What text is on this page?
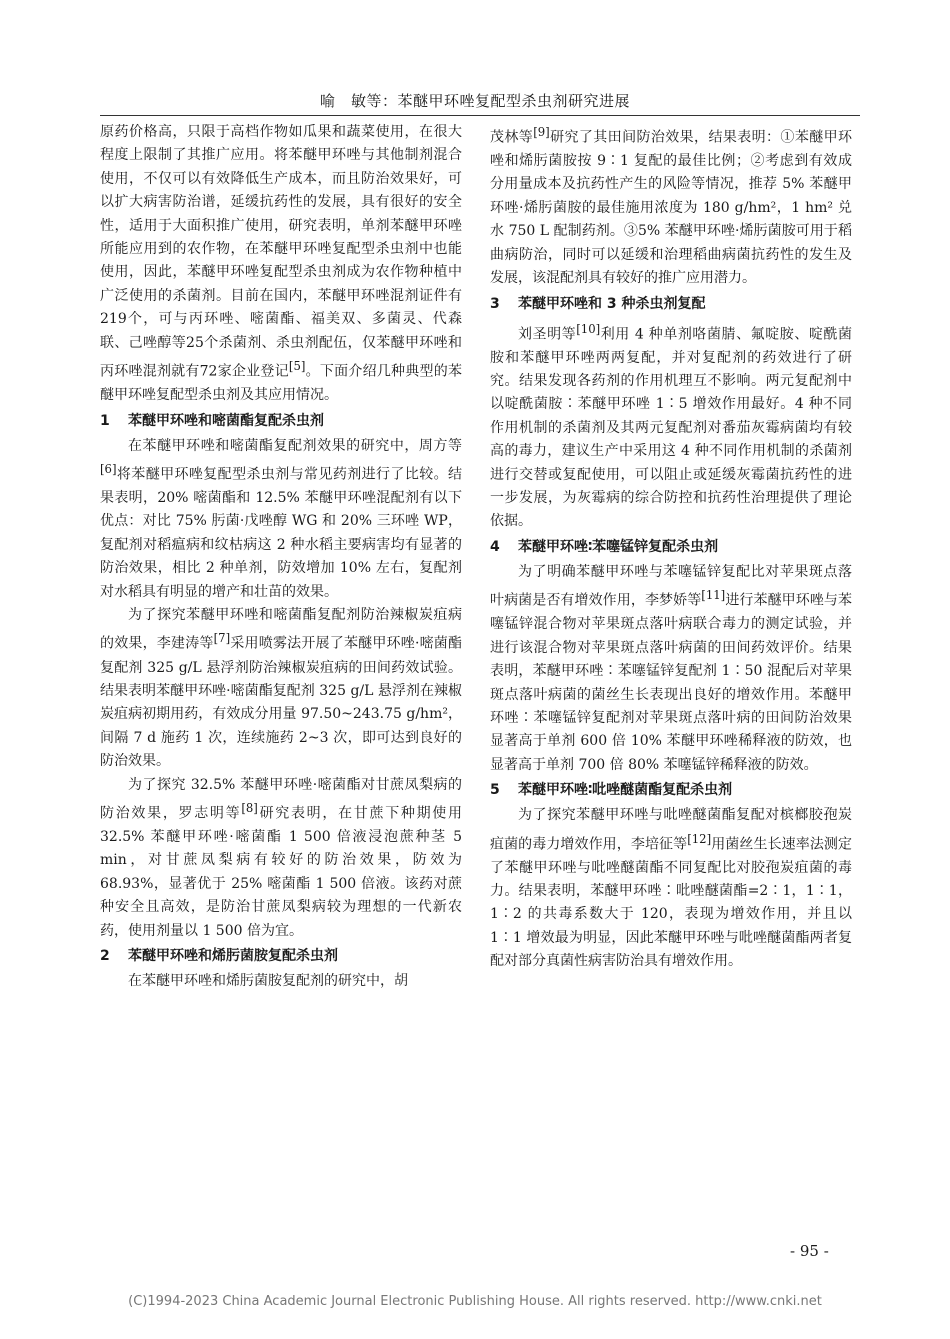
喻　敏等：苯醚甲环唑复配型杀虫剂研究进展

原药价格高，只限于高档作物如瓜果和蔬菜使用，在很大程度上限制了其推广应用。将苯醚甲环唑与其他制剂混合使用，不仅可以有效降低生产成本，而且防治效果好，可以扩大病害防治谱，延缓抗药性的发展，具有很好的安全性，适用于大面积推广使用，研究表明，单剂苯醚甲环唑所能应用到的农作物，在苯醚甲环唑复配型杀虫剂中也能使用，因此，苯醚甲环唑复配型杀虫剂成为农作物种植中广泛使用的杀菌剂。目前在国内，苯醚甲环唑混剂证件有219个，可与丙环唑、嘧菌酯、福美双、多菌灵、代森联、己唑醇等25个杀菌剂、杀虫剂配伍，仅苯醚甲环唑和丙环唑混剂就有72家企业登记[5]。下面介绍几种典型的苯醚甲环唑复配型杀虫剂及其应用情况。

1 苯醚甲环唑和嘧菌酯复配杀虫剂

在苯醚甲环唑和嘧菌酯复配剂效果的研究中，周方等[6]将苯醚甲环唑复配型杀虫剂与常见药剂进行了比较。结果表明，20% 嘧菌酯和 12.5% 苯醚甲环唑混配剂有以下优点：对比 75% 肟菌·戊唑醇 WG 和 20% 三环唑 WP，复配剂对稻瘟病和纹枯病这 2 种水稻主要病害均有显著的防治效果，相比 2 种单剂，防效增加 10% 左右，复配剂对水稻具有明显的增产和壮苗的效果。

为了探究苯醚甲环唑和嘧菌酯复配剂防治辣椒炭疽病的效果，李建涛等[7]采用喷雾法开展了苯醚甲环唑·嘧菌酯复配剂 325 g/L 悬浮剂防治辣椒炭疽病的田间药效试验。结果表明苯醚甲环唑·嘧菌酯复配剂 325 g/L 悬浮剂在辣椒炭疽病初期用药，有效成分用量 97.50~243.75 g/hm²，间隔 7 d 施药 1 次，连续施药 2~3 次，即可达到良好的防治效果。

为了探究 32.5% 苯醚甲环唑·嘧菌酯对甘蔗凤梨病的防治效果，罗志明等[8]研究表明，在甘蔗下种期使用 32.5% 苯醚甲环唑·嘧菌酯 1 500 倍液浸泡蔗种茎 5 min，对甘蔗凤梨病有较好的防治效果，防效为 68.93%，显著优于 25% 嘧菌酯 1 500 倍液。该药对蔗种安全且高效，是防治甘蔗凤梨病较为理想的一代新农药，使用剂量以 1 500 倍为宜。

2 苯醚甲环唑和烯肟菌胺复配杀虫剂

在苯醚甲环唑和烯肟菌胺复配剂的研究中，胡

茂林等[9]研究了其田间防治效果，结果表明：①苯醚甲环唑和烯肟菌胺按 9∶1 复配的最佳比例；②考虑到有效成分用量成本及抗药性产生的风险等情况，推荐 5% 苯醚甲环唑·烯肟菌胺的最佳施用浓度为 180 g/hm²，1 hm² 兑水 750 L 配制药剂。③5% 苯醚甲环唑·烯肟菌胺可用于稻曲病防治，同时可以延缓和治理稻曲病菌抗药性的发生及发展，该混配剂具有较好的推广应用潜力。

3 苯醚甲环唑和 3 种杀虫剂复配

刘圣明等[10]利用 4 种单剂咯菌腈、氟啶胺、啶酰菌胺和苯醚甲环唑两两复配，并对复配剂的药效进行了研究。结果发现各药剂的作用机理互不影响。两元复配剂中以啶酰菌胺∶苯醚甲环唑 1∶5 增效作用最好。4 种不同作用机制的杀菌剂及其两元复配剂对番茄灰霉病菌均有较高的毒力，建议生产中采用这 4 种不同作用机制的杀菌剂进行交替或复配使用，可以阻止或延缓灰霉菌抗药性的进一步发展，为灰霉病的综合防控和抗药性治理提供了理论依据。

4 苯醚甲环唑∶苯噻锰锌复配杀虫剂

为了明确苯醚甲环唑与苯噻锰锌复配比对苹果斑点落叶病菌是否有增效作用，李梦娇等[11]进行苯醚甲环唑与苯噻锰锌混合物对苹果斑点落叶病联合毒力的测定试验，并进行该混合物对苹果斑点落叶病菌的田间药效评价。结果表明，苯醚甲环唑∶苯噻锰锌复配剂 1∶50 混配后对苹果斑点落叶病菌的菌丝生长表现出良好的增效作用。苯醚甲环唑∶苯噻锰锌复配剂对苹果斑点落叶病的田间防治效果显著高于单剂 600 倍 10% 苯醚甲环唑稀释液的防效，也显著高于单剂 700 倍 80% 苯噻锰锌稀释液的防效。

5 苯醚甲环唑∶吡唑醚菌酯复配杀虫剂

为了探究苯醚甲环唑与吡唑醚菌酯复配对槟榔胶孢炭疽菌的毒力增效作用，李培征等[12]用菌丝生长速率法测定了苯醚甲环唑与吡唑醚菌酯不同复配比对胶孢炭疽菌的毒力。结果表明，苯醚甲环唑∶吡唑醚菌酯=2∶1，1∶1，1∶2 的共毒系数大于 120，表现为增效作用，并且以 1∶1 增效最为明显，因此苯醚甲环唑与吡唑醚菌酯两者复配对部分真菌性病害防治具有增效作用。

- 95 -
(C)1994-2023 China Academic Journal Electronic Publishing House. All rights reserved. http://www.cnki.net
